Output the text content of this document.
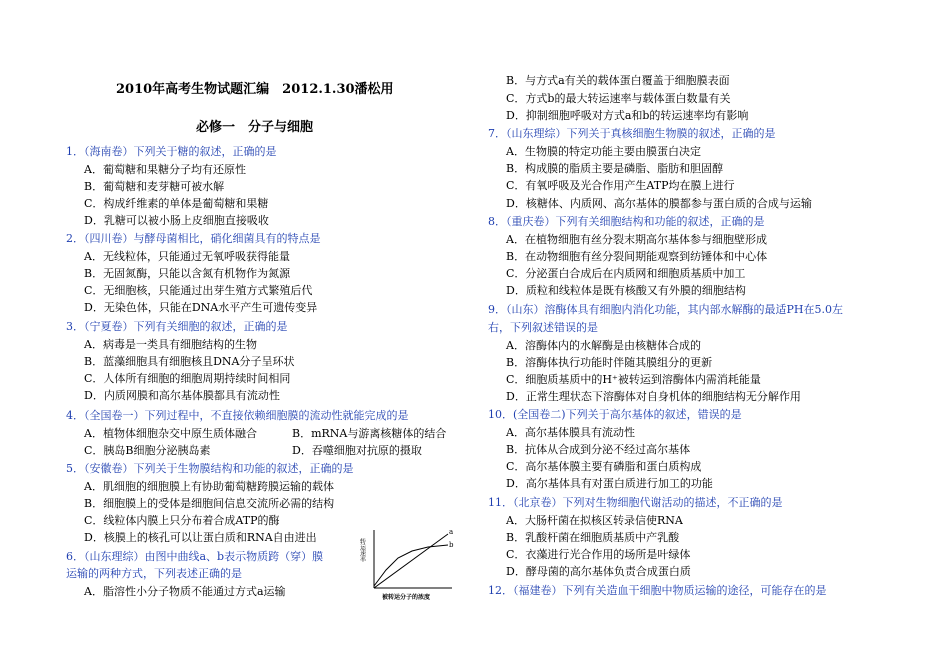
2010年高考生物试题汇编　2012.1.30潘松用
必修一　分子与细胞
1．（海南卷）下列关于糖的叙述，正确的是
A．葡萄糖和果糖分子均有还原性
B．葡萄糖和麦芽糖可被水解
C．构成纤维素的单体是葡萄糖和果糖
D．乳糖可以被小肠上皮细胞直接吸收
2．（四川卷）与酵母菌相比，硝化细菌具有的特点是
A．无线粒体，只能通过无氧呼吸获得能量
B．无固氮酶，只能以含氮有机物作为氮源
C．无细胞核，只能通过出芽生殖方式繁殖后代
D．无染色体，只能在DNA水平产生可遗传变异
3．（宁夏卷）下列有关细胞的叙述，正确的是
A．病毒是一类具有细胞结构的生物
B．蓝藻细胞具有细胞核且DNA分子呈环状
C．人体所有细胞的细胞周期持续时间相同
D．内质网膜和高尔基体膜都具有流动性
4．（全国卷一）下列过程中，不直接依赖细胞膜的流动性就能完成的是
A．植物体细胞杂交中原生质体融合	B．mRNA与游离核糖体的结合
C．胰岛B细胞分泌胰岛素	D．吞噬细胞对抗原的摄取
5．（安徽卷）下列关于生物膜结构和功能的叙述，正确的是
A．肌细胞的细胞膜上有协助葡萄糖跨膜运输的载体
B．细胞膜上的受体是细胞间信息交流所必需的结构
C．线粒体内膜上只分布着合成ATP的酶
D．核膜上的核孔可以让蛋白质和RNA自由进出
6．（山东理综）由图中曲线a、b表示物质跨（穿）膜
运输的两种方式，下列表述正确的是
A．脂溶性小分子物质不能通过方式a运输
a
b
转运速率
被转运分子的浓度
B．与方式a有关的载体蛋白覆盖于细胞膜表面
C．方式b的最大转运速率与载体蛋白数量有关
D．抑制细胞呼吸对方式a和b的转运速率均有影响
7．（山东理综）下列关于真核细胞生物膜的叙述，正确的是
A．生物膜的特定功能主要由膜蛋白决定
B．构成膜的脂质主要是磷脂、脂肪和胆固醇
C．有氧呼吸及光合作用产生ATP均在膜上进行
D．核糖体、内质网、高尔基体的膜都参与蛋白质的合成与运输
8．（重庆卷）下列有关细胞结构和功能的叙述，正确的是
A．在植物细胞有丝分裂末期高尔基体参与细胞壁形成
B．在动物细胞有丝分裂间期能观察到纺锤体和中心体
C．分泌蛋白合成后在内质网和细胞质基质中加工
D．质粒和线粒体是既有核酸又有外膜的细胞结构
9．（山东）溶酶体具有细胞内消化功能，其内部水解酶的最适PH在5.0左
右，下列叙述错误的是
A．溶酶体内的水解酶是由核糖体合成的
B．溶酶体执行功能时伴随其膜组分的更新
C．细胞质基质中的H⁺被转运到溶酶体内需消耗能量
D．正常生理状态下溶酶体对自身机体的细胞结构无分解作用
10．(全国卷二)下列关于高尔基体的叙述，错误的是
A．高尔基体膜具有流动性
B．抗体从合成到分泌不经过高尔基体
C．高尔基体膜主要有磷脂和蛋白质构成
D．高尔基体具有对蛋白质进行加工的功能
11．（北京卷）下列对生物细胞代谢活动的描述，不正确的是
A．大肠杆菌在拟核区转录信使RNA
B．乳酸杆菌在细胞质基质中产乳酸
C．衣藻进行光合作用的场所是叶绿体
D．酵母菌的高尔基体负责合成蛋白质
12．（福建卷）下列有关造血干细胞中物质运输的途径，可能存在的是
